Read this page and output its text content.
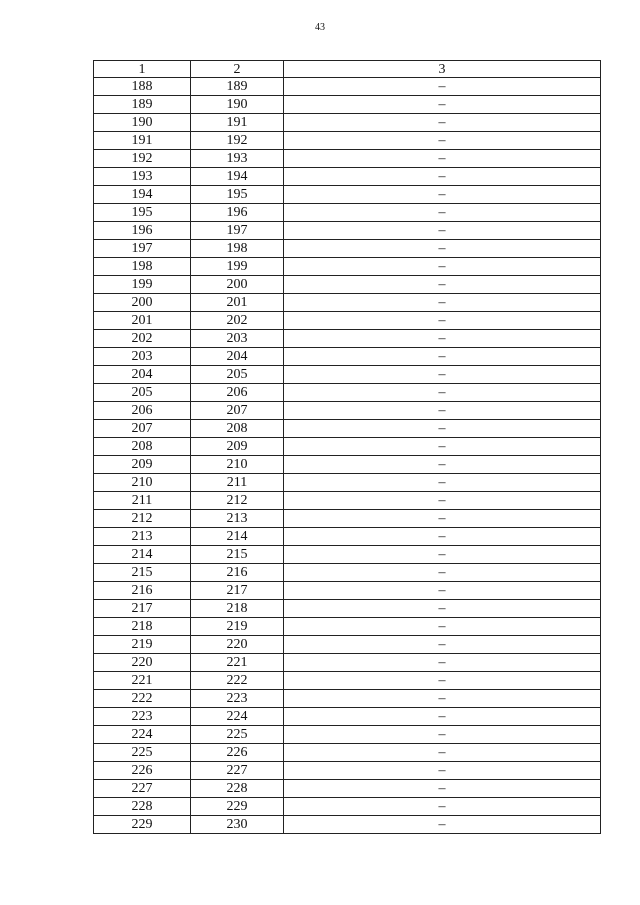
43
1	2	3
188	189	–
189	190	–
190	191	–
191	192	–
192	193	–
193	194	–
194	195	–
195	196	–
196	197	–
197	198	–
198	199	–
199	200	–
200	201	–
201	202	–
202	203	–
203	204	–
204	205	–
205	206	–
206	207	–
207	208	–
208	209	–
209	210	–
210	211	–
211	212	–
212	213	–
213	214	–
214	215	–
215	216	–
216	217	–
217	218	–
218	219	–
219	220	–
220	221	–
221	222	–
222	223	–
223	224	–
224	225	–
225	226	–
226	227	–
227	228	–
228	229	–
229	230	–
